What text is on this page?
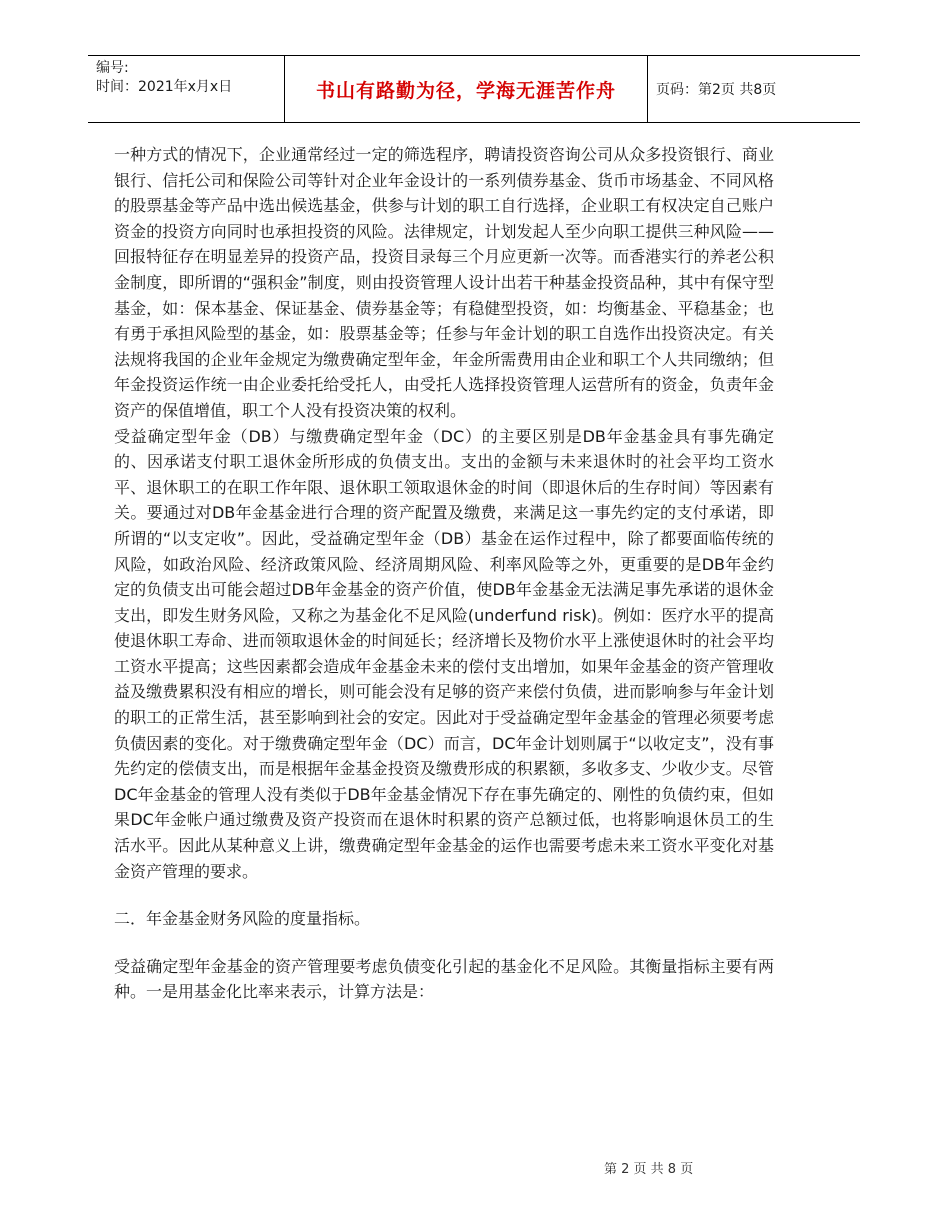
编号:
时间：2021年x月x日	书山有路勤为径，学海无涯苦作舟	页码：第2页 共8页

一种方式的情况下，企业通常经过一定的筛选程序，聘请投资咨询公司从众多投资银行、商业银行、信托公司和保险公司等针对企业年金设计的一系列债券基金、货币市场基金、不同风格的股票基金等产品中选出候选基金，供参与计划的职工自行选择，企业职工有权决定自己账户资金的投资方向同时也承担投资的风险。法律规定，计划发起人至少向职工提供三种风险——回报特征存在明显差异的投资产品，投资目录每三个月应更新一次等。而香港实行的养老公积金制度，即所谓的“强积金”制度，则由投资管理人设计出若干种基金投资品种，其中有保守型基金，如：保本基金、保证基金、债券基金等；有稳健型投资，如：均衡基金、平稳基金；也有勇于承担风险型的基金，如：股票基金等；任参与年金计划的职工自选作出投资决定。有关法规将我国的企业年金规定为缴费确定型年金，年金所需费用由企业和职工个人共同缴纳；但年金投资运作统一由企业委托给受托人，由受托人选择投资管理人运营所有的资金，负责年金资产的保值增值，职工个人没有投资决策的权利。

受益确定型年金（DB）与缴费确定型年金（DC）的主要区别是DB年金基金具有事先确定的、因承诺支付职工退休金所形成的负债支出。支出的金额与未来退休时的社会平均工资水平、退休职工的在职工作年限、退休职工领取退休金的时间（即退休后的生存时间）等因素有关。要通过对DB年金基金进行合理的资产配置及缴费，来满足这一事先约定的支付承诺，即所谓的“以支定收”。因此，受益确定型年金（DB）基金在运作过程中，除了都要面临传统的风险，如政治风险、经济政策风险、经济周期风险、利率风险等之外，更重要的是DB年金约定的负债支出可能会超过DB年金基金的资产价值，使DB年金基金无法满足事先承诺的退休金支出，即发生财务风险，又称之为基金化不足风险(underfund risk)。例如：医疗水平的提高使退休职工寿命、进而领取退休金的时间延长；经济增长及物价水平上涨使退休时的社会平均工资水平提高；这些因素都会造成年金基金未来的偿付支出增加，如果年金基金的资产管理收益及缴费累积没有相应的增长，则可能会没有足够的资产来偿付负债，进而影响参与年金计划的职工的正常生活，甚至影响到社会的安定。因此对于受益确定型年金基金的管理必须要考虑负债因素的变化。对于缴费确定型年金（DC）而言，DC年金计划则属于“以收定支”，没有事先约定的偿债支出，而是根据年金基金投资及缴费形成的积累额，多收多支、少收少支。尽管DC年金基金的管理人没有类似于DB年金基金情况下存在事先确定的、刚性的负债约束，但如果DC年金帐户通过缴费及资产投资而在退休时积累的资产总额过低，也将影响退休员工的生活水平。因此从某种意义上讲，缴费确定型年金基金的运作也需要考虑未来工资水平变化对基金资产管理的要求。

二．年金基金财务风险的度量指标。

受益确定型年金基金的资产管理要考虑负债变化引起的基金化不足风险。其衡量指标主要有两种。一是用基金化比率来表示，计算方法是：

第 2 页 共 8 页
